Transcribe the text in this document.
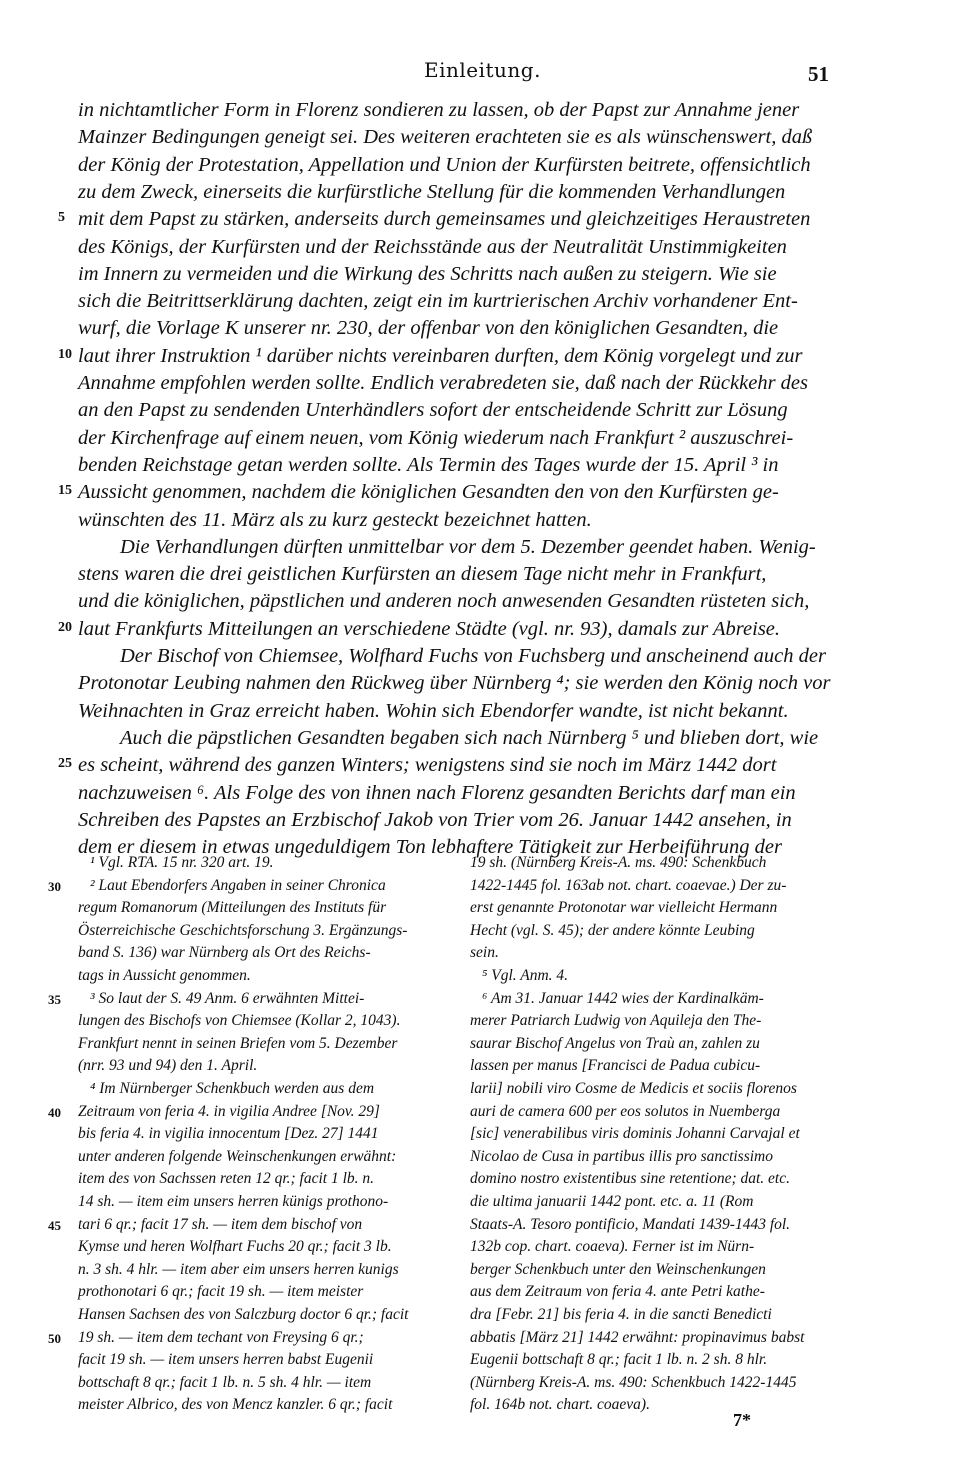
Einleitung.	51
in nichtamtlicher Form in Florenz sondieren zu lassen, ob der Papst zur Annahme jener
Mainzer Bedingungen geneigt sei. Des weiteren erachteten sie es als wünschenswert, daß
der König der Protestation, Appellation und Union der Kurfürsten beitrete, offensichtlich
zu dem Zweck, einerseits die kurfürstliche Stellung für die kommenden Verhandlungen
5 mit dem Papst zu stärken, anderseits durch gemeinsames und gleichzeitiges Heraustreten
des Königs, der Kurfürsten und der Reichsstände aus der Neutralität Unstimmigkeiten
im Innern zu vermeiden und die Wirkung des Schritts nach außen zu steigern. Wie sie
sich die Beitrittserklärung dachten, zeigt ein im kurtrierischen Archiv vorhandener Ent-
wurf, die Vorlage K unserer nr. 230, der offenbar von den königlichen Gesandten, die
10 laut ihrer Instruktion ¹ darüber nichts vereinbaren durften, dem König vorgelegt und zur
Annahme empfohlen werden sollte. Endlich verabredeten sie, daß nach der Rückkehr des
an den Papst zu sendenden Unterhändlers sofort der entscheidende Schritt zur Lösung
der Kirchenfrage auf einem neuen, vom König wiederum nach Frankfurt ² auszuschrei-
benden Reichstage getan werden sollte. Als Termin des Tages wurde der 15. April ³ in
15 Aussicht genommen, nachdem die königlichen Gesandten den von den Kurfürsten ge-
wünschten des 11. März als zu kurz gesteckt bezeichnet hatten.
Die Verhandlungen dürften unmittelbar vor dem 5. Dezember geendet haben. Wenig-
stens waren die drei geistlichen Kurfürsten an diesem Tage nicht mehr in Frankfurt,
und die königlichen, päpstlichen und anderen noch anwesenden Gesandten rüsteten sich,
20 laut Frankfurts Mitteilungen an verschiedene Städte (vgl. nr. 93), damals zur Abreise.
Der Bischof von Chiemsee, Wolfhard Fuchs von Fuchsberg und anscheinend auch der
Protonotar Leubing nahmen den Rückweg über Nürnberg ⁴; sie werden den König noch vor
Weihnachten in Graz erreicht haben. Wohin sich Ebendorfer wandte, ist nicht bekannt.
Auch die päpstlichen Gesandten begaben sich nach Nürnberg ⁵ und blieben dort, wie
25 es scheint, während des ganzen Winters; wenigstens sind sie noch im März 1442 dort
nachzuweisen ⁶. Als Folge des von ihnen nach Florenz gesandten Berichts darf man ein
Schreiben des Papstes an Erzbischof Jakob von Trier vom 26. Januar 1442 ansehen, in
dem er diesem in etwas ungeduldigem Ton lebhaftere Tätigkeit zur Herbeiführung der
¹ Vgl. RTA. 15 nr. 320 art. 19.
30	² Laut Ebendorfers Angaben in seiner Chronica
regum Romanorum (Mitteilungen des Instituts für
Österreichische Geschichtsforschung 3. Ergänzungs-
band S. 136) war Nürnberg als Ort des Reichs-
tags in Aussicht genommen.
35	³ So laut der S. 49 Anm. 6 erwähnten Mittei-
lungen des Bischofs von Chiemsee (Kollar 2, 1043).
Frankfurt nennt in seinen Briefen vom 5. Dezember
(nrr. 93 und 94) den 1. April.
⁴ Im Nürnberger Schenkbuch werden aus dem
40	Zeitraum von feria 4. in vigilia Andree [Nov. 29]
bis feria 4. in vigilia innocentum [Dez. 27] 1441
unter anderen folgende Weinschenkungen erwähnt:
item des von Sachssen reten 12 qr.; facit 1 lb. n.
14 sh. — item eim unsers herren künigs prothono-
45	tari 6 qr.; facit 17 sh. — item dem bischof von
Kymse und heren Wolfhart Fuchs 20 qr.; facit 3 lb.
n. 3 sh. 4 hlr. — item aber eim unsers herren kunigs
prothonotari 6 qr.; facit 19 sh. — item meister
Hansen Sachsen des von Salczburg doctor 6 qr.; facit
50	19 sh. — item dem techant von Freysing 6 qr.;
facit 19 sh. — item unsers herren babst Eugenii
bottschaft 8 qr.; facit 1 lb. n. 5 sh. 4 hlr. — item
meister Albrico, des von Mencz kanzler. 6 qr.; facit
19 sh. (Nürnberg Kreis-A. ms. 490: Schenkbuch
1422-1445 fol. 163ab not. chart. coaevae.) Der zu-
erst genannte Protonotar war vielleicht Hermann
Hecht (vgl. S. 45); der andere könnte Leubing
sein.
⁵ Vgl. Anm. 4.
⁶ Am 31. Januar 1442 wies der Kardinalkäm-
merer Patriarch Ludwig von Aquileja den The-
saurar Bischof Angelus von Traù an, zahlen zu
lassen per manus [Francisci de Padua cubicu-
larii] nobili viro Cosme de Medicis et sociis florenos
auri de camera 600 per eos solutos in Nuemberga
[sic] venerabilibus viris dominis Johanni Carvajal et
Nicolao de Cusa in partibus illis pro sanctissimo
domino nostro existentibus sine retentione; dat. etc.
die ultima januarii 1442 pont. etc. a. 11 (Rom
Staats-A. Tesoro pontificio, Mandati 1439-1443 fol.
132b cop. chart. coaeva). Ferner ist im Nürn-
berger Schenkbuch unter den Weinschenkungen
aus dem Zeitraum von feria 4. ante Petri kathe-
dra [Febr. 21] bis feria 4. in die sancti Benedicti
abbatis [März 21] 1442 erwähnt: propinavimus babst
Eugenii bottschaft 8 qr.; facit 1 lb. n. 2 sh. 8 hlr.
(Nürnberg Kreis-A. ms. 490: Schenkbuch 1422-1445
fol. 164b not. chart. coaeva).
7*
